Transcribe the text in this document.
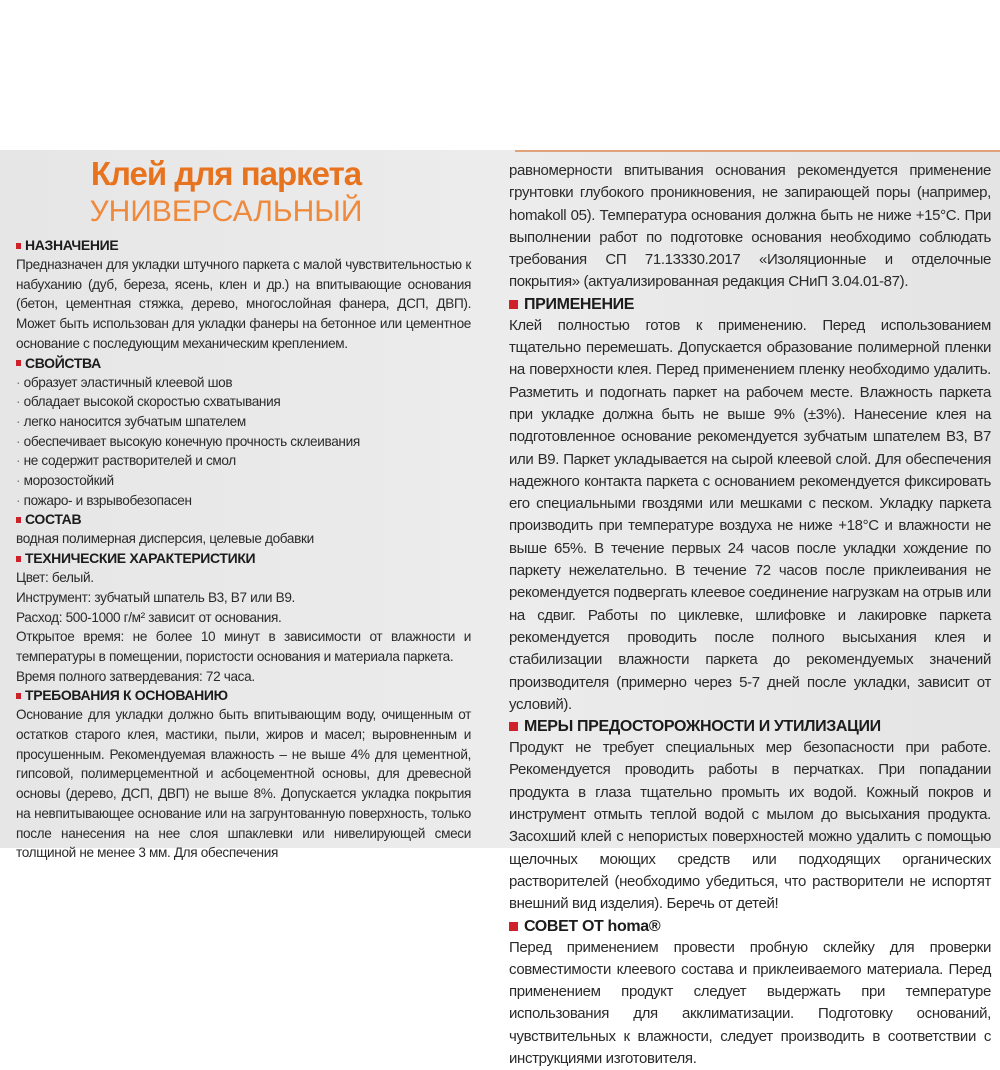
Клей для паркета
УНИВЕРСАЛЬНЫЙ
НАЗНАЧЕНИЕ

Предназначен для укладки штучного паркета с малой чувствительностью к набуханию (дуб, береза, ясень, клен и др.) на впитывающие основания (бетон, цементная стяжка, дерево, многослойная фанера, ДСП, ДВП). Может быть использован для укладки фанеры на бетонное или цементное основание с последующим механическим креплением.

СВОЙСТВА
· образует эластичный клеевой шов
· обладает высокой скоростью схватывания
· легко наносится зубчатым шпателем
· обеспечивает высокую конечную прочность склеивания
· не содержит растворителей и смол
· морозостойкий
· пожаро- и взрывобезопасен
СОСТАВ

водная полимерная дисперсия, целевые добавки

ТЕХНИЧЕСКИЕ ХАРАКТЕРИСТИКИ

Цвет: белый.

Инструмент: зубчатый шпатель В3, В7 или В9.

Расход: 500-1000 г/м² зависит от основания.

Открытое время: не более 10 минут в зависимости от влажности и температуры в помещении, пористости основания и материала паркета.

Время полного затвердевания: 72 часа.

ТРЕБОВАНИЯ К ОСНОВАНИЮ

Основание для укладки должно быть впитывающим воду, очищенным от остатков старого клея, мастики, пыли, жиров и масел; выровненным и просушенным. Рекомендуемая влажность – не выше 4% для цементной, гипсовой, полимерцементной и асбоцементной основы, для древесной основы (дерево, ДСП, ДВП) не выше 8%. Допускается укладка покрытия на невпитывающее основание или на загрунтованную поверхность, только после нанесения на нее слоя шпаклевки или нивелирующей смеси толщиной не менее 3 мм. Для обеспечения

равномерности впитывания основания рекомендуется применение грунтовки глубокого проникновения, не запирающей поры (например, homakoll 05). Температура основания должна быть не ниже +15°С. При выполнении работ по подготовке основания необходимо соблюдать требования СП 71.13330.2017 «Изоляционные и отделочные покрытия» (актуализированная редакция СНиП 3.04.01-87).

ПРИМЕНЕНИЕ

Клей полностью готов к применению. Перед использованием тщательно перемешать. Допускается образование полимерной пленки на поверхности клея. Перед применением пленку необходимо удалить. Разметить и подогнать паркет на рабочем месте. Влажность паркета при укладке должна быть не выше 9% (±3%). Нанесение клея на подготовленное основание рекомендуется зубчатым шпателем В3, В7 или В9. Паркет укладывается на сырой клеевой слой. Для обеспечения надежного контакта паркета с основанием рекомендуется фиксировать его специальными гвоздями или мешками с песком. Укладку паркета производить при температуре воздуха не ниже +18°С и влажности не выше 65%. В течение первых 24 часов после укладки хождение по паркету нежелательно. В течение 72 часов после приклеивания не рекомендуется подвергать клеевое соединение нагрузкам на отрыв или на сдвиг. Работы по циклевке, шлифовке и лакировке паркета рекомендуется проводить после полного высыхания клея и стабилизации влажности паркета до рекомендуемых значений производителя (примерно через 5-7 дней после укладки, зависит от условий).

МЕРЫ ПРЕДОСТОРОЖНОСТИ И УТИЛИЗАЦИИ

Продукт не требует специальных мер безопасности при работе. Рекомендуется проводить работы в перчатках. При попадании продукта в глаза тщательно промыть их водой. Кожный покров и инструмент отмыть теплой водой с мылом до высыхания продукта. Засохший клей с непористых поверхностей можно удалить с помощью щелочных моющих средств или подходящих органических растворителей (необходимо убедиться, что растворители не испортят внешний вид изделия). Беречь от детей!

СОВЕТ ОТ homa®

Перед применением провести пробную склейку для проверки совместимости клеевого состава и приклеиваемого материала. Перед применением продукт следует выдержать при температуре использования для акклиматизации. Подготовку оснований, чувствительных к влажности, следует производить в соответствии с инструкциями изготовителя.
